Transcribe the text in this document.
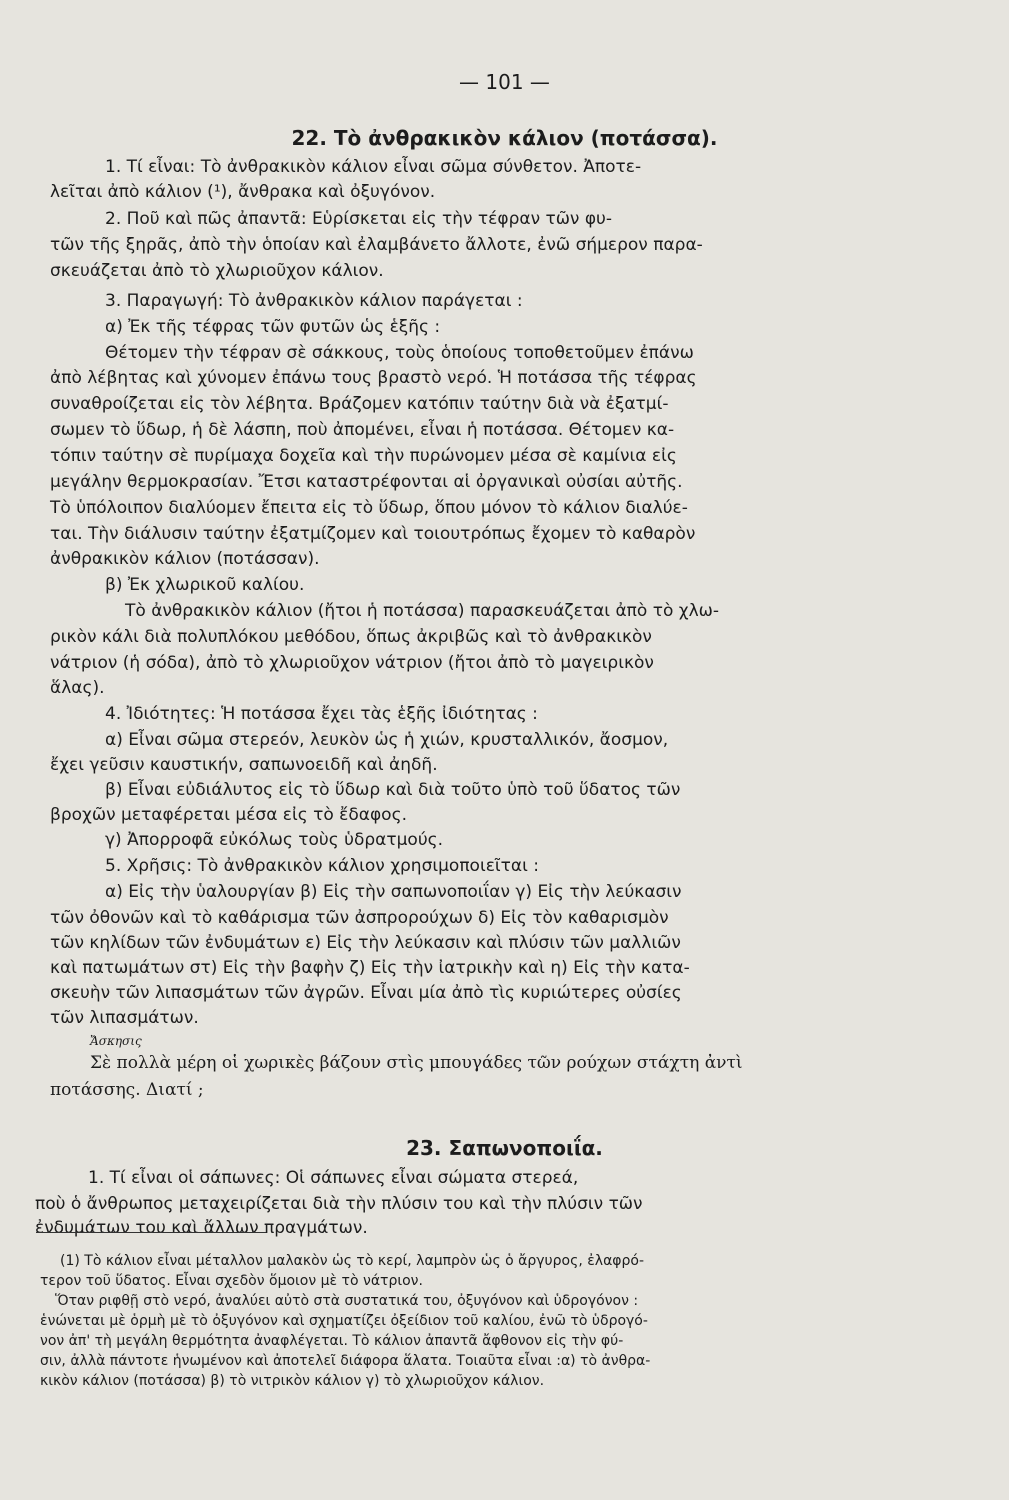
— 101 —
22. Τὸ ἀνθρακικὸν κάλιον (ποτάσσα).
1. Τί εἶναι: Τὸ ἀνθρακικὸν κάλιον εἶναι σῶμα σύνθετον. Ἀποτε-
λεῖται ἀπὸ κάλιον (¹), ἄνθρακα καὶ ὀξυγόνον.
2. Ποῦ καὶ πῶς ἀπαντᾶ: Εὑρίσκεται εἰς τὴν τέφραν τῶν φυ-
τῶν τῆς ξηρᾶς, ἀπὸ τὴν ὁποίαν καὶ ἐλαμβάνετο ἄλλοτε, ἐνῶ σήμερον παρα-
σκευάζεται ἀπὸ τὸ χλωριοῦχον κάλιον.
3. Παραγωγή: Τὸ ἀνθρακικὸν κάλιον παράγεται :
α) Ἐκ τῆς τέφρας τῶν φυτῶν ὡς ἑξῆς :
Θέτομεν τὴν τέφραν σὲ σάκκους, τοὺς ὁποίους τοποθετοῦμεν ἐπάνω
ἀπὸ λέβητας καὶ χύνομεν ἐπάνω τους βραστὸ νερό. Ἡ ποτάσσα τῆς τέφρας
συναθροίζεται εἰς τὸν λέβητα. Βράζομεν κατόπιν ταύτην διὰ νὰ ἐξατμί-
σωμεν τὸ ὕδωρ, ἡ δὲ λάσπη, ποὺ ἀπομένει, εἶναι ἡ ποτάσσα. Θέτομεν κα-
τόπιν ταύτην σὲ πυρίμαχα δοχεῖα καὶ τὴν πυρώνομεν μέσα σὲ καμίνια εἰς
μεγάλην θερμοκρασίαν. Ἔτσι καταστρέφονται αἱ ὀργανικαὶ οὐσίαι αὐτῆς.
Τὸ ὑπόλοιπον διαλύομεν ἔπειτα εἰς τὸ ὕδωρ, ὅπου μόνον τὸ κάλιον διαλύε-
ται. Τὴν διάλυσιν ταύτην ἐξατμίζομεν καὶ τοιουτρόπως ἔχομεν τὸ καθαρὸν
ἀνθρακικὸν κάλιον (ποτάσσαν).
β) Ἐκ χλωρικοῦ καλίου.
Τὸ ἀνθρακικὸν κάλιον (ἤτοι ἡ ποτάσσα) παρασκευάζεται ἀπὸ τὸ χλω-
ρικὸν κάλι διὰ πολυπλόκου μεθόδου, ὅπως ἀκριβῶς καὶ τὸ ἀνθρακικὸν
νάτριον (ἡ σόδα), ἀπὸ τὸ χλωριοῦχον νάτριον (ἤτοι ἀπὸ τὸ μαγειρικὸν
ἅλας).
4. Ἰδιότητες: Ἡ ποτάσσα ἔχει τὰς ἑξῆς ἰδιότητας :
α) Εἶναι σῶμα στερεόν, λευκὸν ὡς ἡ χιών, κρυσταλλικόν, ἄοσμον,
ἔχει γεῦσιν καυστικήν, σαπωνοειδῆ καὶ ἀηδῆ.
β) Εἶναι εὐδιάλυτος εἰς τὸ ὕδωρ καὶ διὰ τοῦτο ὑπὸ τοῦ ὕδατος τῶν
βροχῶν μεταφέρεται μέσα εἰς τὸ ἔδαφος.
γ) Ἀπορροφᾶ εὐκόλως τοὺς ὑδρατμούς.
5. Χρῆσις: Τὸ ἀνθρακικὸν κάλιον χρησιμοποιεῖται :
α) Εἰς τὴν ὑαλουργίαν β) Εἰς τὴν σαπωνοποιΐαν γ) Εἰς τὴν λεύκασιν
τῶν ὀθονῶν καὶ τὸ καθάρισμα τῶν ἀσπρορούχων δ) Εἰς τὸν καθαρισμὸν
τῶν κηλίδων τῶν ἐνδυμάτων ε) Εἰς τὴν λεύκασιν καὶ πλύσιν τῶν μαλλιῶν
καὶ πατωμάτων στ) Εἰς τὴν βαφὴν ζ) Εἰς τὴν ἰατρικὴν καὶ η) Εἰς τὴν κατα-
σκευὴν τῶν λιπασμάτων τῶν ἀγρῶν. Εἶναι μία ἀπὸ τὶς κυριώτερες οὐσίες
τῶν λιπασμάτων.
Ἄσκησις
Σὲ πολλὰ μέρη οἱ χωρικὲς βάζουν στὶς μπουγάδες τῶν ρούχων στάχτη ἀντὶ
ποτάσσης. Διατί ;
23. Σαπωνοποιΐα.
1. Τί εἶναι οἱ σάπωνες: Οἱ σάπωνες εἶναι σώματα στερεά,
ποὺ ὁ ἄνθρωπος μεταχειρίζεται διὰ τὴν πλύσιν του καὶ τὴν πλύσιν τῶν
ἐνδυμάτων του καὶ ἄλλων πραγμάτων.
(1) Τὸ κάλιον εἶναι μέταλλον μαλακὸν ὡς τὸ κερί, λαμπρὸν ὡς ὁ ἄργυρος, ἐλαφρό-
τερον τοῦ ὕδατος. Εἶναι σχεδὸν ὅμοιον μὲ τὸ νάτριον.
Ὅταν ριφθῇ στὸ νερό, ἀναλύει αὐτὸ στὰ συστατικά του, ὀξυγόνον καὶ ὑδρογόνον :
ἑνώνεται μὲ ὁρμὴ μὲ τὸ ὀξυγόνον καὶ σχηματίζει ὀξείδιον τοῦ καλίου, ἐνῶ τὸ ὑδρογό-
νον ἀπ' τὴ μεγάλη θερμότητα ἀναφλέγεται. Τὸ κάλιον ἀπαντᾶ ἄφθονον εἰς τὴν φύ-
σιν, ἀλλὰ πάντοτε ἡνωμένον καὶ ἀποτελεῖ διάφορα ἅλατα. Τοιαῦτα εἶναι :α) τὸ ἀνθρα-
κικὸν κάλιον (ποτάσσα) β) τὸ νιτρικὸν κάλιον γ) τὸ χλωριοῦχον κάλιον.
